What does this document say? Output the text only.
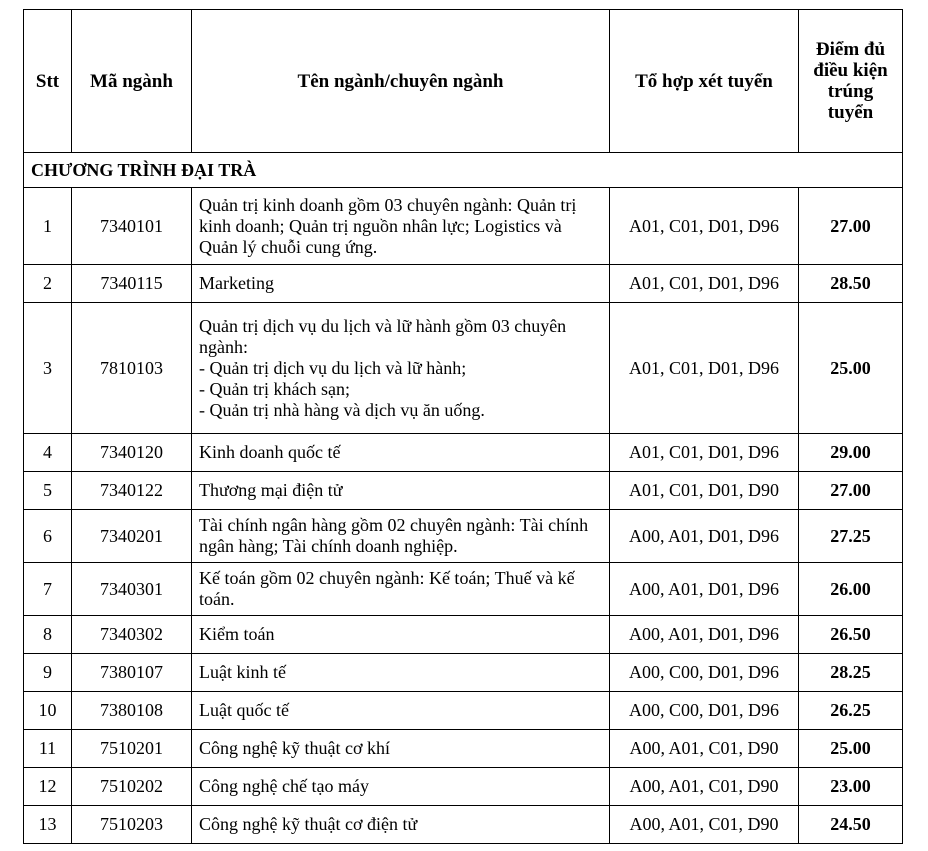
Stt	Mã ngành	Tên ngành/chuyên ngành	Tổ hợp xét tuyển	Điểm đủ điều kiện trúng tuyển
CHƯƠNG TRÌNH ĐẠI TRÀ				
1	7340101	Quản trị kinh doanh gồm 03 chuyên ngành: Quản trị kinh doanh; Quản trị nguồn nhân lực; Logistics và Quản lý chuỗi cung ứng.	A01, C01, D01, D96	27.00
2	7340115	Marketing	A01, C01, D01, D96	28.50
3	7810103	Quản trị dịch vụ du lịch và lữ hành gồm 03 chuyên ngành:
- Quản trị dịch vụ du lịch và lữ hành;
- Quản trị khách sạn;
- Quản trị nhà hàng và dịch vụ ăn uống.	A01, C01, D01, D96	25.00
4	7340120	Kinh doanh quốc tế	A01, C01, D01, D96	29.00
5	7340122	Thương mại điện tử	A01, C01, D01, D90	27.00
6	7340201	Tài chính ngân hàng gồm 02 chuyên ngành: Tài chính ngân hàng; Tài chính doanh nghiệp.	A00, A01, D01, D96	27.25
7	7340301	Kế toán gồm 02 chuyên ngành: Kế toán; Thuế và kế toán.	A00, A01, D01, D96	26.00
8	7340302	Kiểm toán	A00, A01, D01, D96	26.50
9	7380107	Luật kinh tế	A00, C00, D01, D96	28.25
10	7380108	Luật quốc tế	A00, C00, D01, D96	26.25
11	7510201	Công nghệ kỹ thuật cơ khí	A00, A01, C01, D90	25.00
12	7510202	Công nghệ chế tạo máy	A00, A01, C01, D90	23.00
13	7510203	Công nghệ kỹ thuật cơ điện tử	A00, A01, C01, D90	24.50
